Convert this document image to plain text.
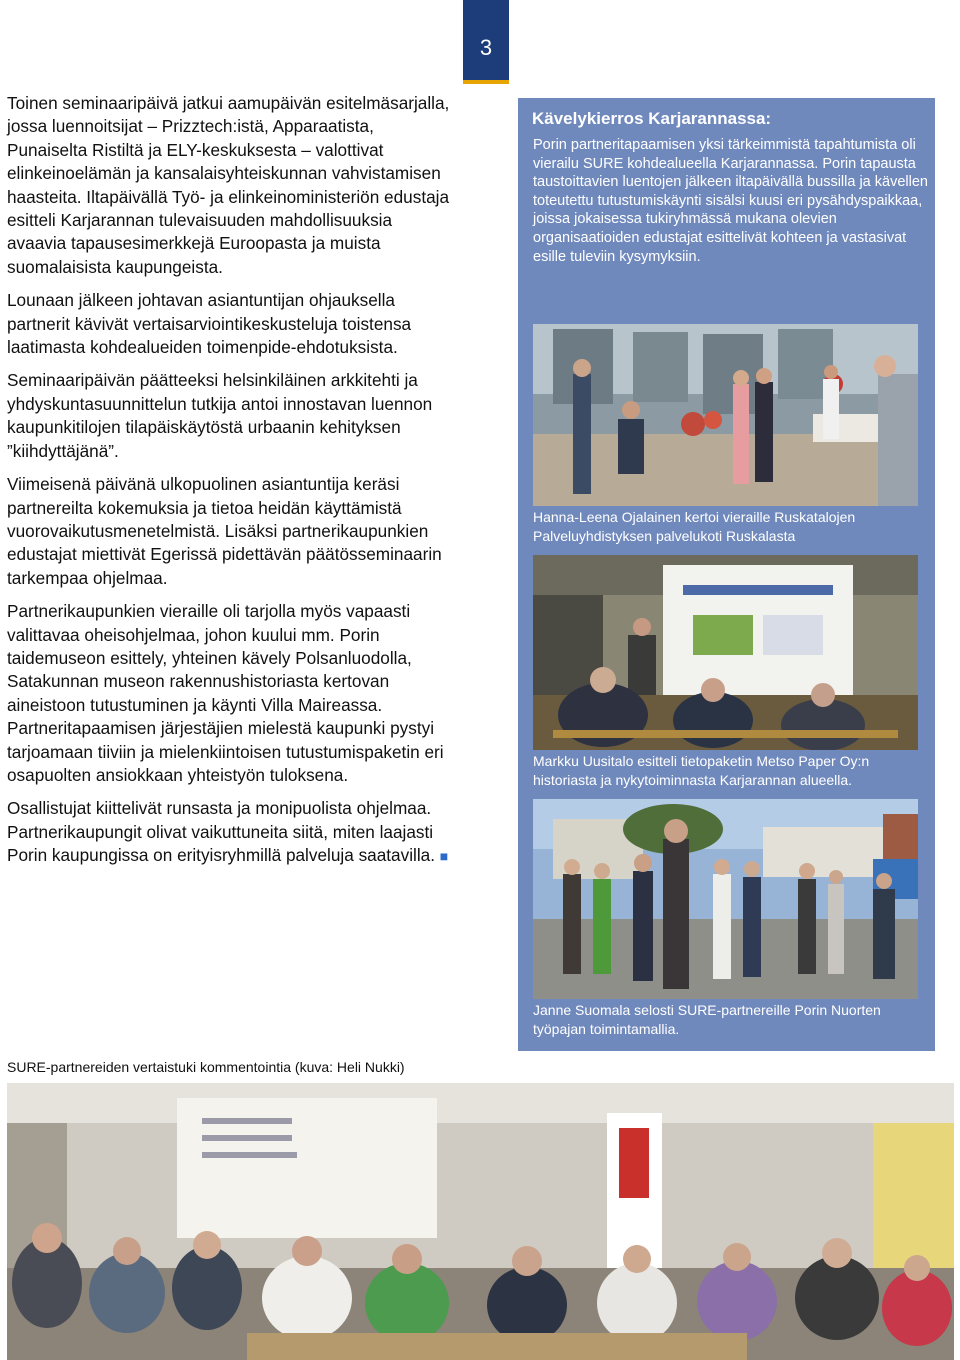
3

Toinen seminaaripäivä jatkui aamupäivän esitelmäsarjalla, jossa luennoitsijat – Prizztech:istä, Apparaatista, Punaiselta Ristiltä ja ELY-keskuksesta – valottivat elinkeinoelämän ja kansalaisyhteiskunnan vahvistamisen haasteita. Iltapäivällä Työ- ja elinkeinoministeriön edustaja esitteli Karjarannan tulevaisuuden mahdollisuuksia avaavia tapausesimerkkejä Euroopasta ja muista suomalaisista kaupungeista.

Lounaan jälkeen johtavan asiantuntijan ohjauksella partnerit kävivät vertaisarviointikeskusteluja toistensa laatimasta kohdealueiden toimenpide-ehdotuksista.

Seminaaripäivän päätteeksi helsinkiläinen arkkitehti ja yhdyskuntasuunnittelun tutkija antoi innostavan luennon kaupunkitilojen tilapäiskäytöstä urbaanin kehityksen ”kiihdyttäjänä”.

Viimeisenä päivänä ulkopuolinen asiantuntija keräsi partnereilta kokemuksia ja tietoa heidän käyttämistä vuorovaikutusmenetelmistä. Lisäksi partnerikaupunkien edustajat miettivät Egerissä pidettävän päätösseminaarin tarkempaa ohjelmaa.

Partnerikaupunkien vieraille oli tarjolla myös vapaasti valittavaa oheisohjelmaa, johon kuului mm. Porin taidemuseon esittely, yhteinen kävely Polsanluodolla, Satakunnan museon rakennushistoriasta kertovan aineistoon tutustuminen ja käynti Villa Maireassa. Partneritapaamisen järjestäjien mielestä kaupunki pystyi tarjoamaan tiiviin ja mielenkiintoisen tutustumispaketin eri osapuolten ansiokkaan yhteistyön tuloksena.

Osallistujat kiittelivät runsasta ja monipuolista ohjelmaa. Partnerikaupungit olivat vaikuttuneita siitä, miten laajasti Porin kaupungissa on erityisryhmillä palveluja saatavilla. ■

Kävelykierros Karjarannassa:
Porin partneritapaamisen yksi tärkeimmistä tapahtumista oli vierailu SURE kohdealueella Karjarannassa. Porin tapausta taustoittavien luentojen jälkeen iltapäivällä bussilla ja kävellen toteutettu tutustumiskäynti sisälsi kuusi eri pysähdyspaikkaa, joissa jokaisessa tukiryhmässä mukana olevien organisaatioiden edustajat esittelivät kohteen ja vastasivat esille tuleviin kysymyksiin.
Hanna-Leena Ojalainen kertoi vieraille Ruskatalojen Palveluyhdistyksen palvelukoti Ruskalasta
Markku Uusitalo esitteli tietopaketin Metso Paper Oy:n historiasta ja nykytoiminnasta Karjarannan alueella.
Janne Suomala selosti SURE-partnereille Porin Nuorten työpajan toimintamallia.
SURE-partnereiden vertaistuki kommentointia (kuva: Heli Nukki)
